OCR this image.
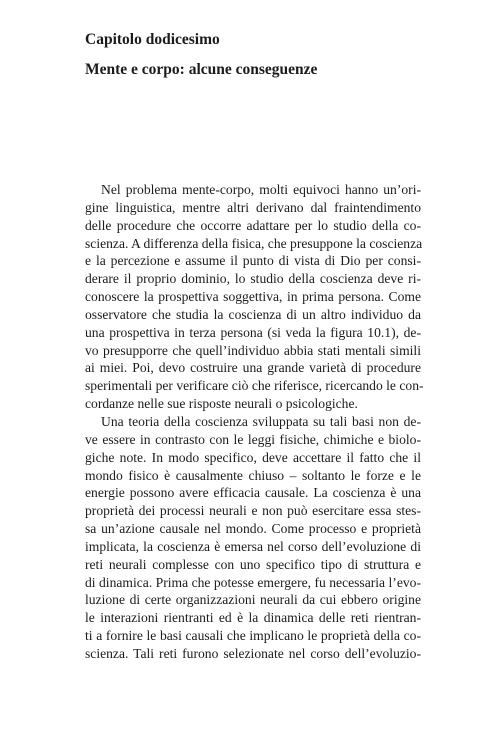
Capitolo dodicesimo
Mente e corpo: alcune conseguenze
Nel problema mente-corpo, molti equivoci hanno un’ori-
gine linguistica, mentre altri derivano dal fraintendimento
delle procedure che occorre adattare per lo studio della co-
scienza. A differenza della fisica, che presuppone la coscienza
e la percezione e assume il punto di vista di Dio per consi-
derare il proprio dominio, lo studio della coscienza deve ri-
conoscere la prospettiva soggettiva, in prima persona. Come
osservatore che studia la coscienza di un altro individuo da
una prospettiva in terza persona (si veda la figura 10.1), de-
vo presupporre che quell’individuo abbia stati mentali simili
ai miei. Poi, devo costruire una grande varietà di procedure
sperimentali per verificare ciò che riferisce, ricercando le con-
cordanze nelle sue risposte neurali o psicologiche.
Una teoria della coscienza sviluppata su tali basi non de-
ve essere in contrasto con le leggi fisiche, chimiche e biolo-
giche note. In modo specifico, deve accettare il fatto che il
mondo fisico è causalmente chiuso – soltanto le forze e le
energie possono avere efficacia causale. La coscienza è una
proprietà dei processi neurali e non può esercitare essa stes-
sa un’azione causale nel mondo. Come processo e proprietà
implicata, la coscienza è emersa nel corso dell’evoluzione di
reti neurali complesse con uno specifico tipo di struttura e
di dinamica. Prima che potesse emergere, fu necessaria l’evo-
luzione di certe organizzazioni neurali da cui ebbero origine
le interazioni rientranti ed è la dinamica delle reti rientran-
ti a fornire le basi causali che implicano le proprietà della co-
scienza. Tali reti furono selezionate nel corso dell’evoluzio-
